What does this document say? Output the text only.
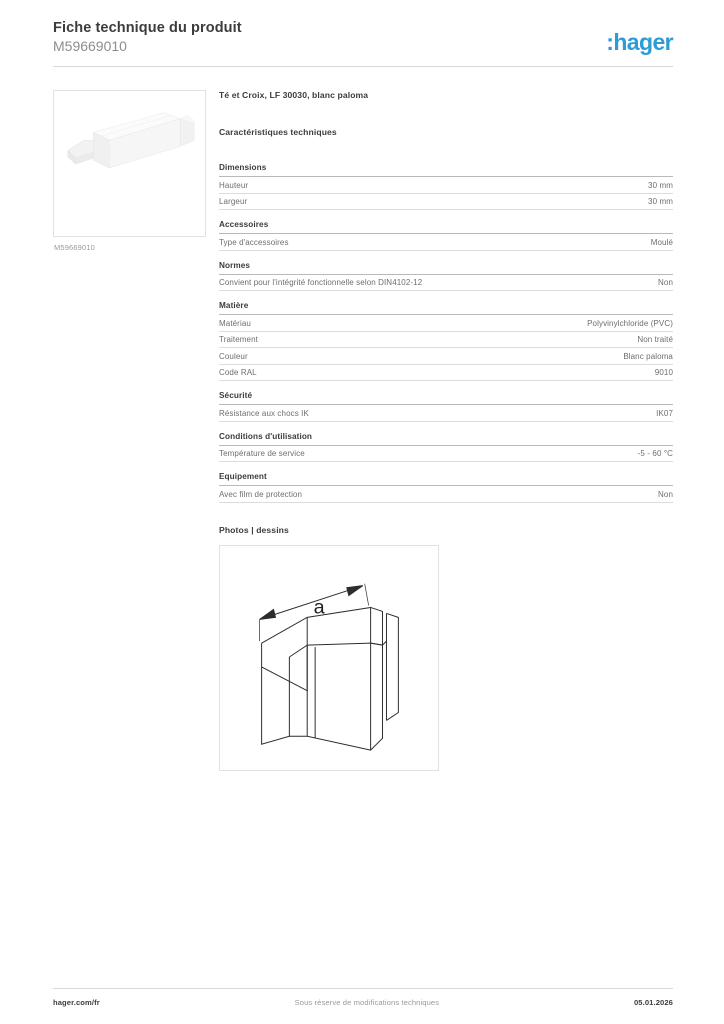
Fiche technique du produit
M59669010	:hager
M59669010
Té et Croix, LF 30030, blanc paloma
Caractéristiques techniques
Dimensions
Hauteur	30 mm
Largeur	30 mm
Accessoires
Type d'accessoires	Moulé
Normes
Convient pour l'intégrité fonctionnelle selon DIN4102-12	Non
Matière
Matériau	Polyvinylchloride (PVC)
Traitement	Non traité
Couleur	Blanc paloma
Code RAL	9010
Sécurité
Résistance aux chocs IK	IK07
Conditions d'utilisation
Température de service	-5 - 60 °C
Equipement
Avec film de protection	Non
Photos | dessins
a
hager.com/fr	Sous réserve de modifications techniques	05.01.2026
